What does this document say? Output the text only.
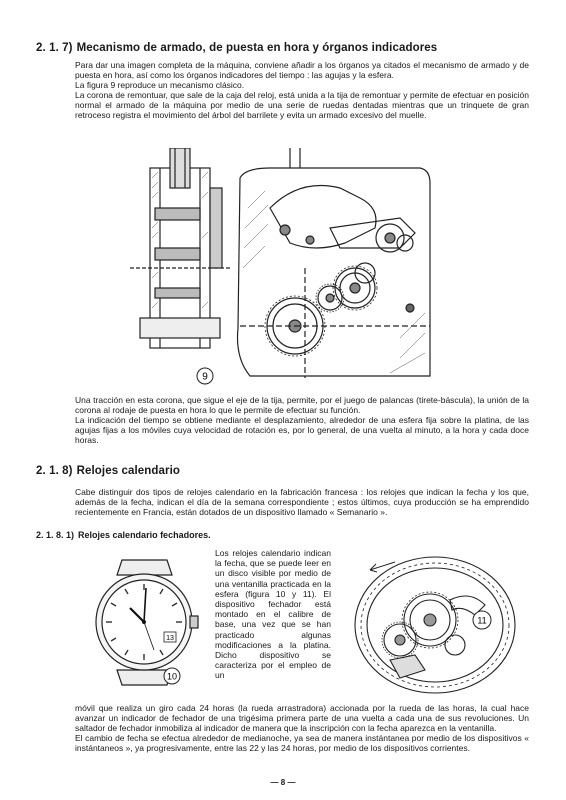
2. 1. 7) Mecanismo de armado, de puesta en hora y órganos indicadores

Para dar una imagen completa de la máquina, conviene añadir a los órganos ya citados el mecanismo de armado y de puesta en hora, así como los órganos indicadores del tiempo : las agujas y la esfera.

La figura 9 reproduce un mecanismo clásico.

La corona de remontuar, que sale de la caja del reloj, está unida a la tija de remontuar y permite de efectuar en posición normal el armado de la máquina por medio de una serie de ruedas dentadas mientras que un trinquete de gran retroceso registra el movimiento del árbol del barrilete y evita un armado excesivo del muelle.

9

Una tracción en esta corona, que sigue el eje de la tija, permite, por el juego de palancas (tirete-báscula), la unión de la corona al rodaje de puesta en hora lo que le permite de efectuar su función.

La indicación del tiempo se obtiene mediante el desplazamiento, alrededor de una esfera fija sobre la platina, de las agujas fijas a los móviles cuya velocidad de rotación es, por lo general, de una vuelta al minuto, a la hora y cada doce horas.

2. 1. 8) Relojes calendario

Cabe distinguir dos tipos de relojes calendario en la fabricación francesa : los relojes que indican la fecha y los que, además de la fecha, indican el día de la semana correspondiente ; estos últimos, cuya producción se ha emprendido recientemente en Francia, están dotados de un dispositivo llamado « Semanario ».

2. 1. 8. 1) Relojes calendario fechadores.
13
10

Los relojes calendario indican la fecha, que se puede leer en un disco visible por medio de una ventanilla practicada en la esfera (figura 10 y 11). El dispositivo fechador está montado en el calibre de base, una vez que se han practicado algunas modificaciones a la platina. Dicho dispositivo se caracteriza por el empleo de un

11

móvil que realiza un giro cada 24 horas (la rueda arrastradora) accionada por la rueda de las horas, la cual hace avanzar un indicador de fechador de una trigésima primera parte de una vuelta a cada una de sus revoluciones. Un saltador de fechador inmobiliza al indicador de manera que la inscripción con la fecha aparezca en la ventanilla.

El cambio de fecha se efectua alrededor de medianoche, ya sea de manera instántanea por medio de los dispositivos « instántaneos », ya progresivamente, entre las 22 y las 24 horas, por medio de los dispositivos corrientes.

— 8 —
